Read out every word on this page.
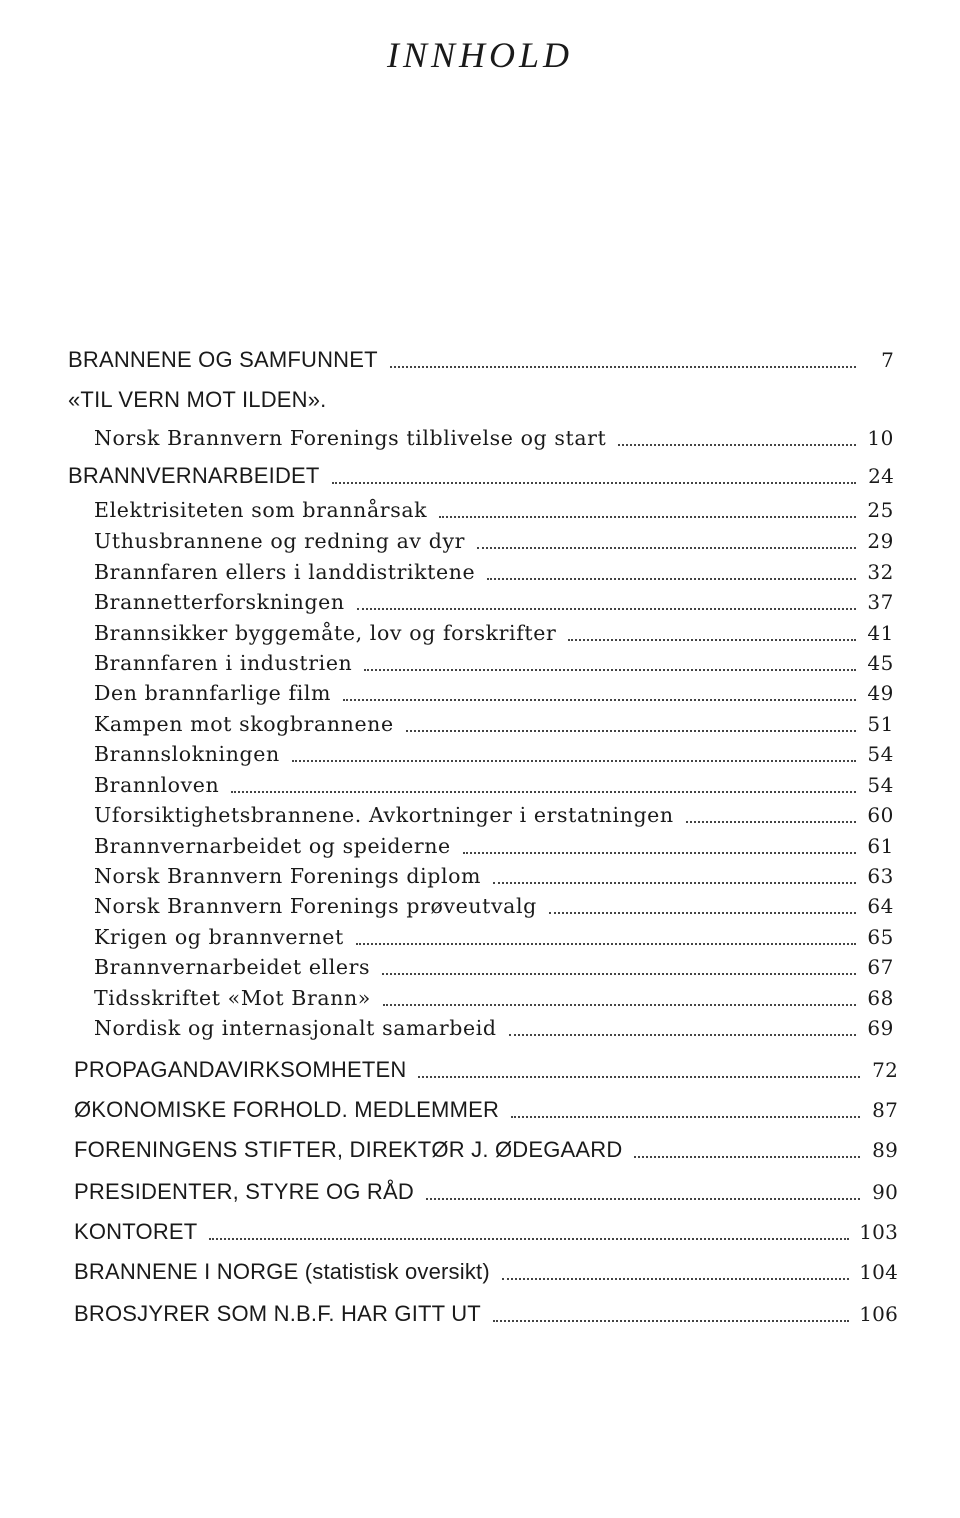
INNHOLD
BRANNENE OG SAMFUNNET	7
«TIL VERN MOT ILDEN».
Norsk Brannvern Forenings tilblivelse og start	10
BRANNVERNARBEIDET	24
Elektrisiteten som brannårsak	25
Uthusbrannene og redning av dyr	29
Brannfaren ellers i landdistriktene	32
Brannetterforskningen	37
Brannsikker byggemåte, lov og forskrifter	41
Brannfaren i industrien	45
Den brannfarlige film	49
Kampen mot skogbrannene	51
Brannslokningen	54
Brannloven	54
Uforsiktighetsbrannene. Avkortninger i erstatningen	60
Brannvernarbeidet og speiderne	61
Norsk Brannvern Forenings diplom	63
Norsk Brannvern Forenings prøveutvalg	64
Krigen og brannvernet	65
Brannvernarbeidet ellers	67
Tidsskriftet «Mot Brann»	68
Nordisk og internasjonalt samarbeid	69
PROPAGANDAVIRKSOMHETEN	72
ØKONOMISKE FORHOLD. MEDLEMMER	87
FORENINGENS STIFTER, DIREKTØR J. ØDEGAARD	89
PRESIDENTER, STYRE OG RÅD	90
KONTORET	103
BRANNENE I NORGE (statistisk oversikt)	104
BROSJYRER SOM N.B.F. HAR GITT UT	106
